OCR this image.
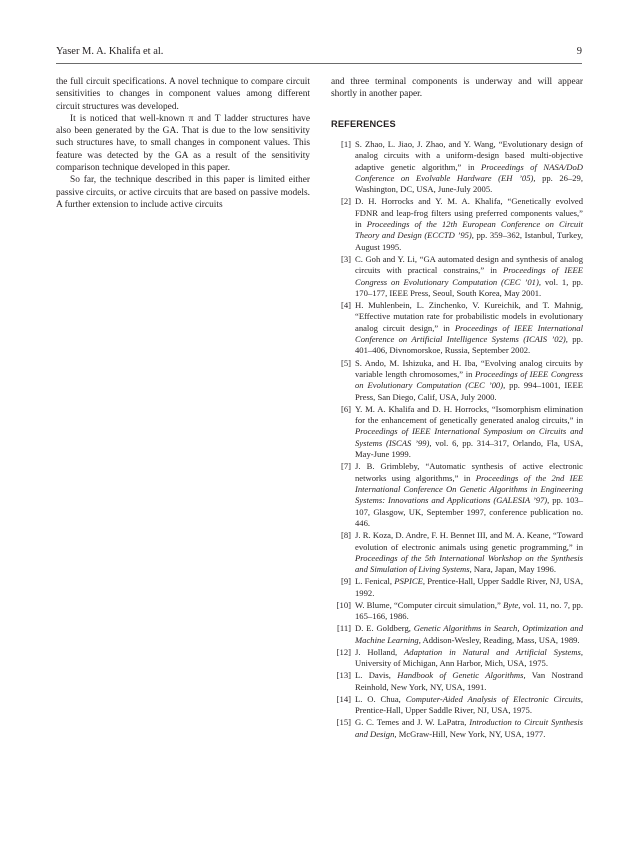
Yaser M. A. Khalifa et al.	9

the full circuit specifications. A novel technique to compare circuit sensitivities to changes in component values among different circuit structures was developed.

It is noticed that well-known π and T ladder structures have also been generated by the GA. That is due to the low sensitivity such structures have, to small changes in component values. This feature was detected by the GA as a result of the sensitivity comparison technique developed in this paper.

So far, the technique described in this paper is limited either passive circuits, or active circuits that are based on passive models. A further extension to include active circuits

and three terminal components is underway and will appear shortly in another paper.

REFERENCES
[1] S. Zhao, L. Jiao, J. Zhao, and Y. Wang, “Evolutionary design of analog circuits with a uniform-design based multi-objective adaptive genetic algorithm,” in Proceedings of NASA/DoD Conference on Evolvable Hardware (EH ’05), pp. 26–29, Washington, DC, USA, June-July 2005.
[2] D. H. Horrocks and Y. M. A. Khalifa, “Genetically evolved FDNR and leap-frog filters using preferred components values,” in Proceedings of the 12th European Conference on Circuit Theory and Design (ECCTD ’95), pp. 359–362, Istanbul, Turkey, August 1995.
[3] C. Goh and Y. Li, “GA automated design and synthesis of analog circuits with practical constrains,” in Proceedings of IEEE Congress on Evolutionary Computation (CEC ’01), vol. 1, pp. 170–177, IEEE Press, Seoul, South Korea, May 2001.
[4] H. Muhlenbein, L. Zinchenko, V. Kureichik, and T. Mahnig, “Effective mutation rate for probabilistic models in evolutionary analog circuit design,” in Proceedings of IEEE International Conference on Artificial Intelligence Systems (ICAIS ’02), pp. 401–406, Divnomorskoe, Russia, September 2002.
[5] S. Ando, M. Ishizuka, and H. Iba, “Evolving analog circuits by variable length chromosomes,” in Proceedings of IEEE Congress on Evolutionary Computation (CEC ’00), pp. 994–1001, IEEE Press, San Diego, Calif, USA, July 2000.
[6] Y. M. A. Khalifa and D. H. Horrocks, “Isomorphism elimination for the enhancement of genetically generated analog circuits,” in Proceedings of IEEE International Symposium on Circuits and Systems (ISCAS ’99), vol. 6, pp. 314–317, Orlando, Fla, USA, May-June 1999.
[7] J. B. Grimbleby, “Automatic synthesis of active electronic networks using algorithms,” in Proceedings of the 2nd IEE International Conference On Genetic Algorithms in Engineering Systems: Innovations and Applications (GALESIA ’97), pp. 103–107, Glasgow, UK, September 1997, conference publication no. 446.
[8] J. R. Koza, D. Andre, F. H. Bennet III, and M. A. Keane, “Toward evolution of electronic animals using genetic programming,” in Proceedings of the 5th International Workshop on the Synthesis and Simulation of Living Systems, Nara, Japan, May 1996.
[9] L. Fenical, PSPICE, Prentice-Hall, Upper Saddle River, NJ, USA, 1992.
[10] W. Blume, “Computer circuit simulation,” Byte, vol. 11, no. 7, pp. 165–166, 1986.
[11] D. E. Goldberg, Genetic Algorithms in Search, Optimization and Machine Learning, Addison-Wesley, Reading, Mass, USA, 1989.
[12] J. Holland, Adaptation in Natural and Artificial Systems, University of Michigan, Ann Harbor, Mich, USA, 1975.
[13] L. Davis, Handbook of Genetic Algorithms, Van Nostrand Reinhold, New York, NY, USA, 1991.
[14] L. O. Chua, Computer-Aided Analysis of Electronic Circuits, Prentice-Hall, Upper Saddle River, NJ, USA, 1975.
[15] G. C. Temes and J. W. LaPatra, Introduction to Circuit Synthesis and Design, McGraw-Hill, New York, NY, USA, 1977.
